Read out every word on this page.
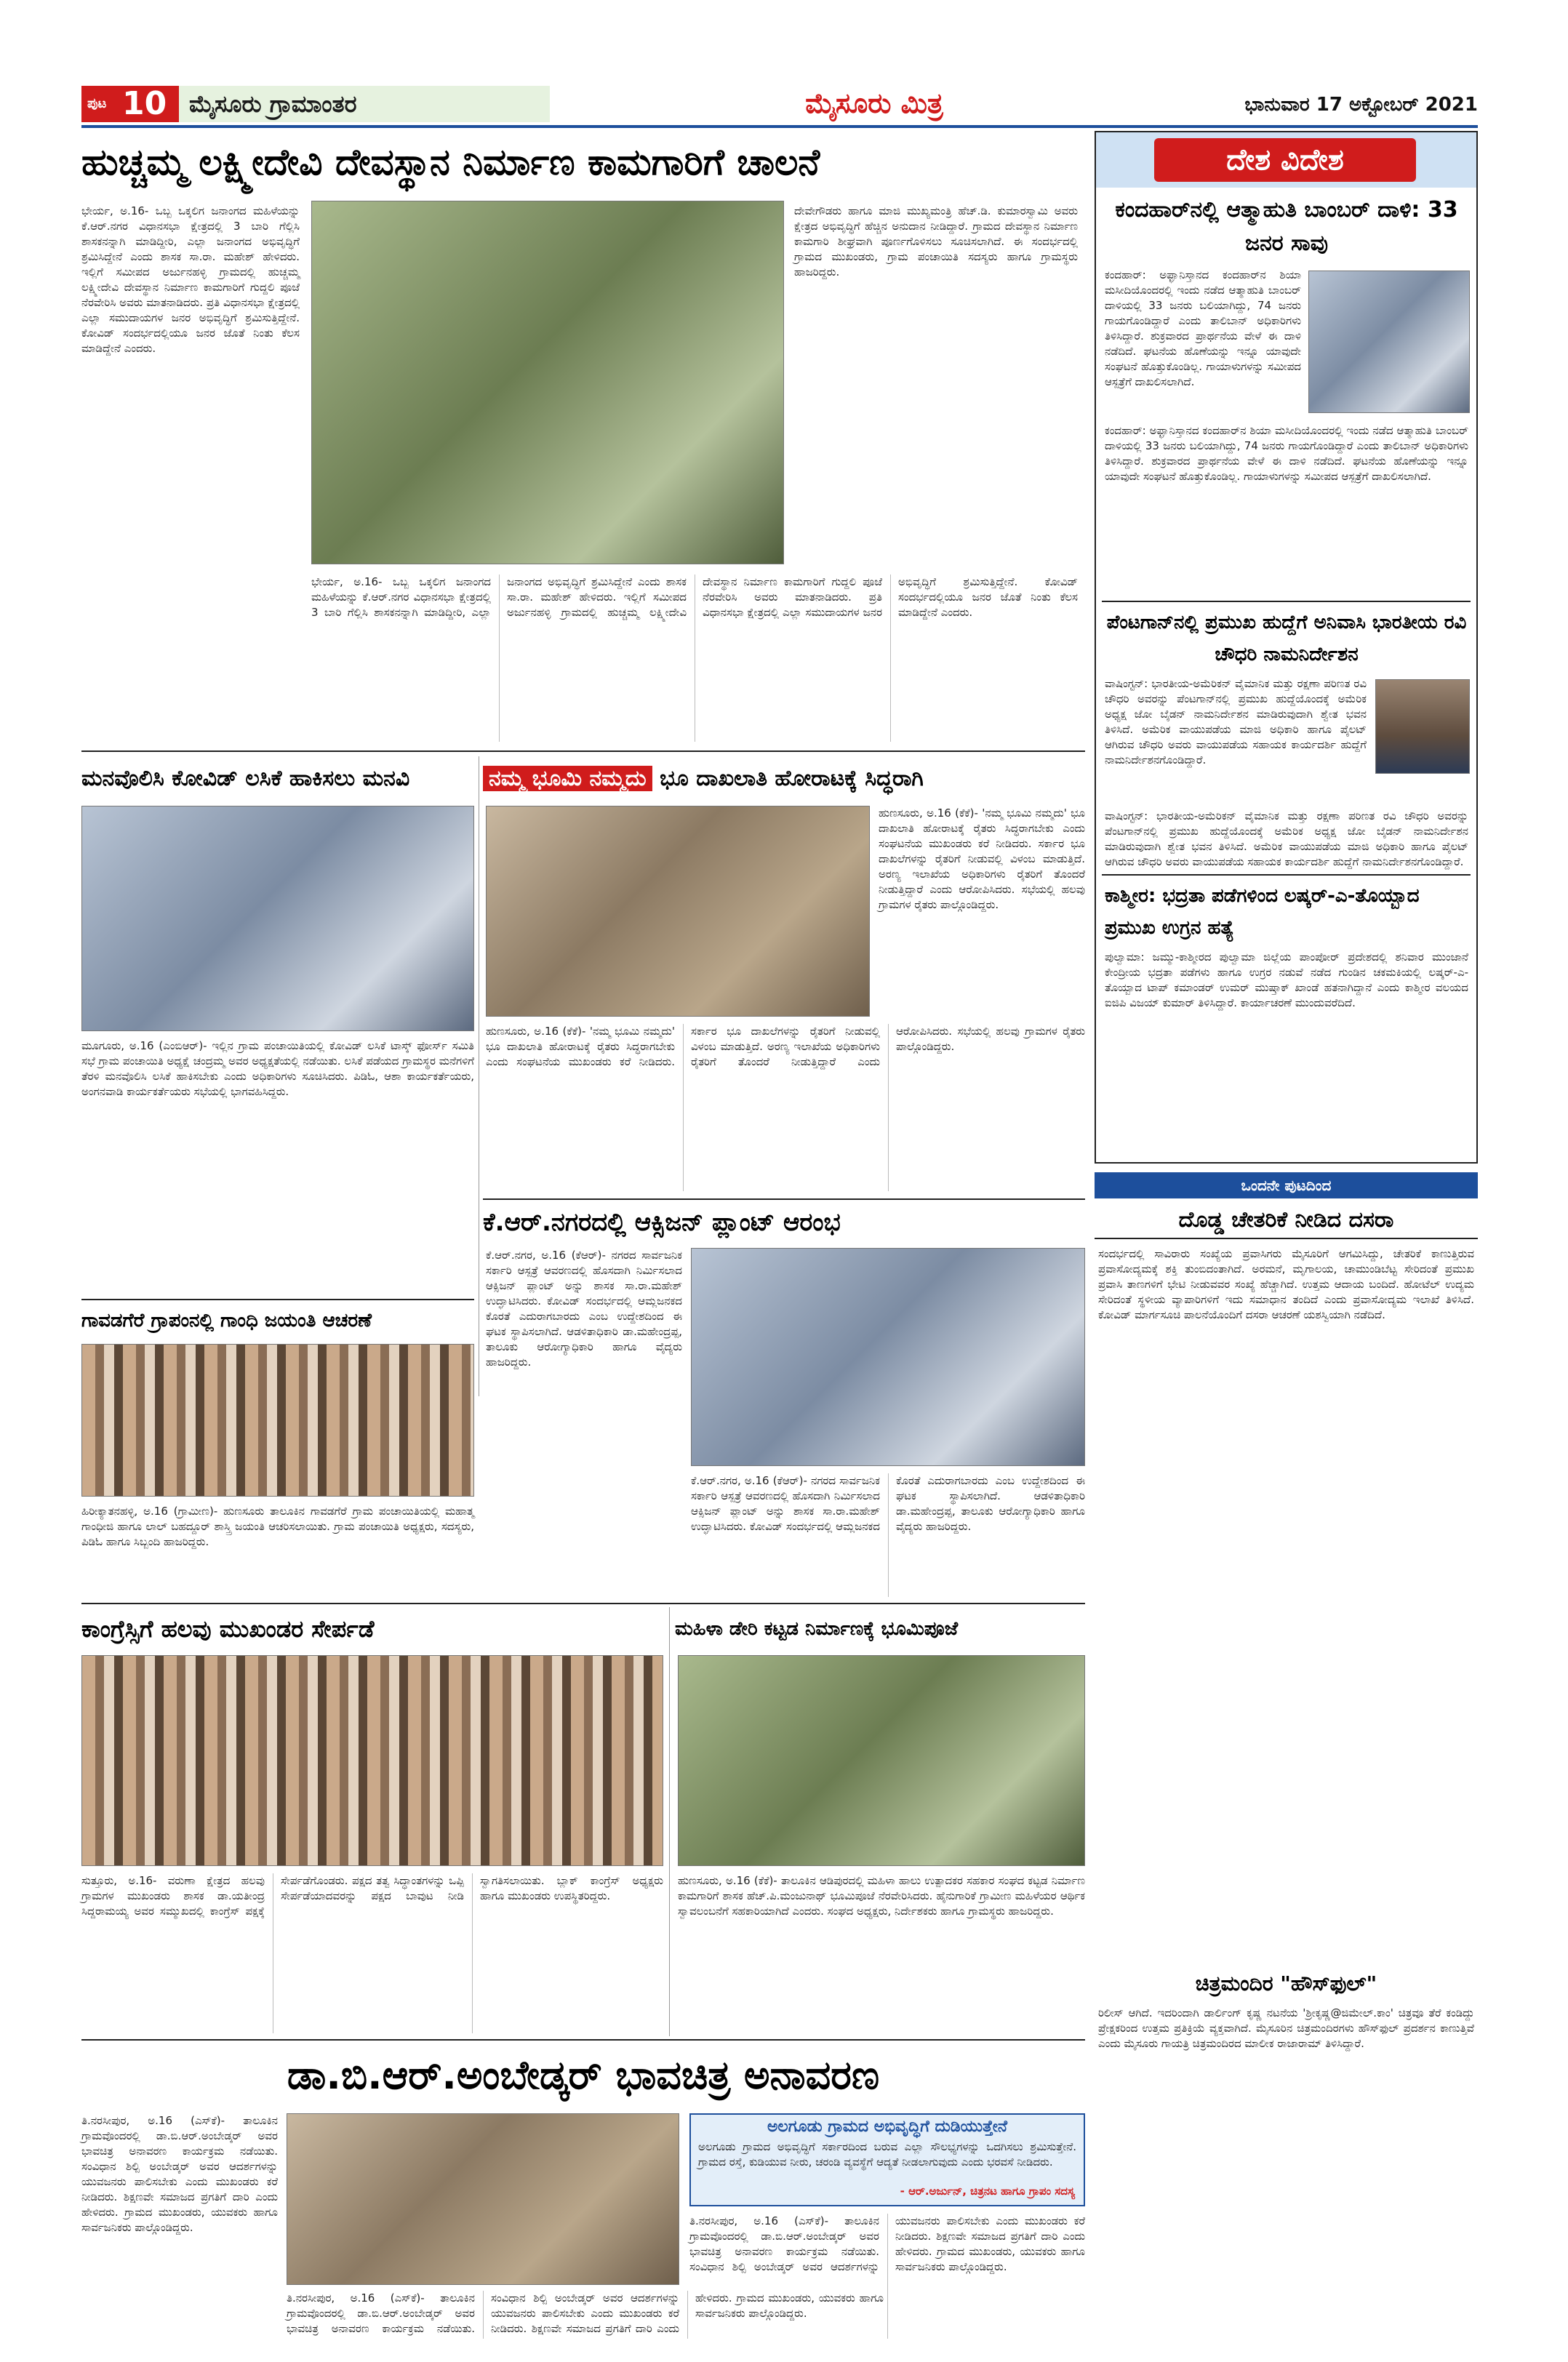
ಪುಟ 10 ಮೈಸೂರು ಗ್ರಾಮಾಂತರ	ಮೈಸೂರು ಮಿತ್ರ	ಭಾನುವಾರ 17 ಅಕ್ಟೋಬರ್ 2021
ಹುಚ್ಚಮ್ಮ ಲಕ್ಷ್ಮೀದೇವಿ ದೇವಸ್ಥಾನ ನಿರ್ಮಾಣ ಕಾಮಗಾರಿಗೆ ಚಾಲನೆ
ಭೇರ್ಯ, ಅ.16- ಒಬ್ಬ ಒಕ್ಕಲಿಗ ಜನಾಂಗದ ಮಹಿಳೆಯನ್ನು ಕೆ.ಆರ್.ನಗರ ವಿಧಾನಸಭಾ ಕ್ಷೇತ್ರದಲ್ಲಿ 3 ಬಾರಿ ಗೆಲ್ಲಿಸಿ ಶಾಸಕನನ್ನಾಗಿ ಮಾಡಿದ್ದೀರಿ, ಎಲ್ಲಾ ಜನಾಂಗದ ಅಭಿವೃದ್ಧಿಗೆ ಶ್ರಮಿಸಿದ್ದೇನೆ ಎಂದು ಶಾಸಕ ಸಾ.ರಾ. ಮಹೇಶ್ ಹೇಳಿದರು. ಇಲ್ಲಿಗೆ ಸಮೀಪದ ಅರ್ಜುನಹಳ್ಳಿ ಗ್ರಾಮದಲ್ಲಿ ಹುಚ್ಚಮ್ಮ ಲಕ್ಷ್ಮೀದೇವಿ ದೇವಸ್ಥಾನ ನಿರ್ಮಾಣ ಕಾಮಗಾರಿಗೆ ಗುದ್ದಲಿ ಪೂಜೆ ನೆರವೇರಿಸಿ ಅವರು ಮಾತನಾಡಿದರು. ಪ್ರತಿ ವಿಧಾನಸಭಾ ಕ್ಷೇತ್ರದಲ್ಲಿ ಎಲ್ಲಾ ಸಮುದಾಯಗಳ ಜನರ ಅಭಿವೃದ್ಧಿಗೆ ಶ್ರಮಿಸುತ್ತಿದ್ದೇನೆ. ಕೋವಿಡ್ ಸಂದರ್ಭದಲ್ಲಿಯೂ ಜನರ ಜೊತೆ ನಿಂತು ಕೆಲಸ ಮಾಡಿದ್ದೇನೆ ಎಂದರು.
ದೇವೇಗೌಡರು ಹಾಗೂ ಮಾಜಿ ಮುಖ್ಯಮಂತ್ರಿ ಹೆಚ್.ಡಿ. ಕುಮಾರಸ್ವಾಮಿ ಅವರು ಕ್ಷೇತ್ರದ ಅಭಿವೃದ್ಧಿಗೆ ಹೆಚ್ಚಿನ ಅನುದಾನ ನೀಡಿದ್ದಾರೆ. ಗ್ರಾಮದ ದೇವಸ್ಥಾನ ನಿರ್ಮಾಣ ಕಾಮಗಾರಿ ಶೀಘ್ರವಾಗಿ ಪೂರ್ಣಗೊಳಿಸಲು ಸೂಚಿಸಲಾಗಿದೆ. ಈ ಸಂದರ್ಭದಲ್ಲಿ ಗ್ರಾಮದ ಮುಖಂಡರು, ಗ್ರಾಮ ಪಂಚಾಯಿತಿ ಸದಸ್ಯರು ಹಾಗೂ ಗ್ರಾಮಸ್ಥರು ಹಾಜರಿದ್ದರು.
ಭೇರ್ಯ, ಅ.16- ಒಬ್ಬ ಒಕ್ಕಲಿಗ ಜನಾಂಗದ ಮಹಿಳೆಯನ್ನು ಕೆ.ಆರ್.ನಗರ ವಿಧಾನಸಭಾ ಕ್ಷೇತ್ರದಲ್ಲಿ 3 ಬಾರಿ ಗೆಲ್ಲಿಸಿ ಶಾಸಕನನ್ನಾಗಿ ಮಾಡಿದ್ದೀರಿ, ಎಲ್ಲಾ ಜನಾಂಗದ ಅಭಿವೃದ್ಧಿಗೆ ಶ್ರಮಿಸಿದ್ದೇನೆ ಎಂದು ಶಾಸಕ ಸಾ.ರಾ. ಮಹೇಶ್ ಹೇಳಿದರು. ಇಲ್ಲಿಗೆ ಸಮೀಪದ ಅರ್ಜುನಹಳ್ಳಿ ಗ್ರಾಮದಲ್ಲಿ ಹುಚ್ಚಮ್ಮ ಲಕ್ಷ್ಮೀದೇವಿ ದೇವಸ್ಥಾನ ನಿರ್ಮಾಣ ಕಾಮಗಾರಿಗೆ ಗುದ್ದಲಿ ಪೂಜೆ ನೆರವೇರಿಸಿ ಅವರು ಮಾತನಾಡಿದರು. ಪ್ರತಿ ವಿಧಾನಸಭಾ ಕ್ಷೇತ್ರದಲ್ಲಿ ಎಲ್ಲಾ ಸಮುದಾಯಗಳ ಜನರ ಅಭಿವೃದ್ಧಿಗೆ ಶ್ರಮಿಸುತ್ತಿದ್ದೇನೆ. ಕೋವಿಡ್ ಸಂದರ್ಭದಲ್ಲಿಯೂ ಜನರ ಜೊತೆ ನಿಂತು ಕೆಲಸ ಮಾಡಿದ್ದೇನೆ ಎಂದರು.
ದೇಶ ವಿದೇಶ
ಕಂದಹಾರ್‌ನಲ್ಲಿ ಆತ್ಮಾಹುತಿ ಬಾಂಬರ್ ದಾಳಿ: 33 ಜನರ ಸಾವು
ಕಂದಹಾರ್: ಅಫ್ಘಾನಿಸ್ತಾನದ ಕಂದಹಾರ್‌ನ ಶಿಯಾ ಮಸೀದಿಯೊಂದರಲ್ಲಿ ಇಂದು ನಡೆದ ಆತ್ಮಾಹುತಿ ಬಾಂಬರ್ ದಾಳಿಯಲ್ಲಿ 33 ಜನರು ಬಲಿಯಾಗಿದ್ದು, 74 ಜನರು ಗಾಯಗೊಂಡಿದ್ದಾರೆ ಎಂದು ತಾಲಿಬಾನ್ ಅಧಿಕಾರಿಗಳು ತಿಳಿಸಿದ್ದಾರೆ. ಶುಕ್ರವಾರದ ಪ್ರಾರ್ಥನೆಯ ವೇಳೆ ಈ ದಾಳಿ ನಡೆದಿದೆ. ಘಟನೆಯ ಹೊಣೆಯನ್ನು ಇನ್ನೂ ಯಾವುದೇ ಸಂಘಟನೆ ಹೊತ್ತುಕೊಂಡಿಲ್ಲ. ಗಾಯಾಳುಗಳನ್ನು ಸಮೀಪದ ಆಸ್ಪತ್ರೆಗೆ ದಾಖಲಿಸಲಾಗಿದೆ.
ಕಂದಹಾರ್: ಅಫ್ಘಾನಿಸ್ತಾನದ ಕಂದಹಾರ್‌ನ ಶಿಯಾ ಮಸೀದಿಯೊಂದರಲ್ಲಿ ಇಂದು ನಡೆದ ಆತ್ಮಾಹುತಿ ಬಾಂಬರ್ ದಾಳಿಯಲ್ಲಿ 33 ಜನರು ಬಲಿಯಾಗಿದ್ದು, 74 ಜನರು ಗಾಯಗೊಂಡಿದ್ದಾರೆ ಎಂದು ತಾಲಿಬಾನ್ ಅಧಿಕಾರಿಗಳು ತಿಳಿಸಿದ್ದಾರೆ. ಶುಕ್ರವಾರದ ಪ್ರಾರ್ಥನೆಯ ವೇಳೆ ಈ ದಾಳಿ ನಡೆದಿದೆ. ಘಟನೆಯ ಹೊಣೆಯನ್ನು ಇನ್ನೂ ಯಾವುದೇ ಸಂಘಟನೆ ಹೊತ್ತುಕೊಂಡಿಲ್ಲ. ಗಾಯಾಳುಗಳನ್ನು ಸಮೀಪದ ಆಸ್ಪತ್ರೆಗೆ ದಾಖಲಿಸಲಾಗಿದೆ.
ಪೆಂಟಗಾನ್‌ನಲ್ಲಿ ಪ್ರಮುಖ ಹುದ್ದೆಗೆ ಅನಿವಾಸಿ ಭಾರತೀಯ ರವಿ ಚೌಧರಿ ನಾಮನಿರ್ದೇಶನ
ವಾಷಿಂಗ್ಟನ್: ಭಾರತೀಯ-ಅಮೆರಿಕನ್ ವೈಮಾನಿಕ ಮತ್ತು ರಕ್ಷಣಾ ಪರಿಣತ ರವಿ ಚೌಧರಿ ಅವರನ್ನು ಪೆಂಟಗಾನ್‌ನಲ್ಲಿ ಪ್ರಮುಖ ಹುದ್ದೆಯೊಂದಕ್ಕೆ ಅಮೆರಿಕ ಅಧ್ಯಕ್ಷ ಜೋ ಬೈಡನ್ ನಾಮನಿರ್ದೇಶನ ಮಾಡಿರುವುದಾಗಿ ಶ್ವೇತ ಭವನ ತಿಳಿಸಿದೆ. ಅಮೆರಿಕ ವಾಯುಪಡೆಯ ಮಾಜಿ ಅಧಿಕಾರಿ ಹಾಗೂ ಪೈಲಟ್ ಆಗಿರುವ ಚೌಧರಿ ಅವರು ವಾಯುಪಡೆಯ ಸಹಾಯಕ ಕಾರ್ಯದರ್ಶಿ ಹುದ್ದೆಗೆ ನಾಮನಿರ್ದೇಶನಗೊಂಡಿದ್ದಾರೆ.
ವಾಷಿಂಗ್ಟನ್: ಭಾರತೀಯ-ಅಮೆರಿಕನ್ ವೈಮಾನಿಕ ಮತ್ತು ರಕ್ಷಣಾ ಪರಿಣತ ರವಿ ಚೌಧರಿ ಅವರನ್ನು ಪೆಂಟಗಾನ್‌ನಲ್ಲಿ ಪ್ರಮುಖ ಹುದ್ದೆಯೊಂದಕ್ಕೆ ಅಮೆರಿಕ ಅಧ್ಯಕ್ಷ ಜೋ ಬೈಡನ್ ನಾಮನಿರ್ದೇಶನ ಮಾಡಿರುವುದಾಗಿ ಶ್ವೇತ ಭವನ ತಿಳಿಸಿದೆ. ಅಮೆರಿಕ ವಾಯುಪಡೆಯ ಮಾಜಿ ಅಧಿಕಾರಿ ಹಾಗೂ ಪೈಲಟ್ ಆಗಿರುವ ಚೌಧರಿ ಅವರು ವಾಯುಪಡೆಯ ಸಹಾಯಕ ಕಾರ್ಯದರ್ಶಿ ಹುದ್ದೆಗೆ ನಾಮನಿರ್ದೇಶನಗೊಂಡಿದ್ದಾರೆ.
ಕಾಶ್ಮೀರ: ಭದ್ರತಾ ಪಡೆಗಳಿಂದ ಲಷ್ಕರ್-ಎ-ತೊಯ್ಬಾದ ಪ್ರಮುಖ ಉಗ್ರನ ಹತ್ಯೆ
ಪುಲ್ವಾಮಾ: ಜಮ್ಮು-ಕಾಶ್ಮೀರದ ಪುಲ್ವಾಮಾ ಜಿಲ್ಲೆಯ ಪಾಂಪೋರ್ ಪ್ರದೇಶದಲ್ಲಿ ಶನಿವಾರ ಮುಂಜಾನೆ ಕೇಂದ್ರೀಯ ಭದ್ರತಾ ಪಡೆಗಳು ಹಾಗೂ ಉಗ್ರರ ನಡುವೆ ನಡೆದ ಗುಂಡಿನ ಚಕಮಕಿಯಲ್ಲಿ ಲಷ್ಕರ್-ಎ-ತೊಯ್ಬಾದ ಟಾಪ್ ಕಮಾಂಡರ್ ಉಮರ್ ಮುಷ್ತಾಕ್ ಖಾಂಡೆ ಹತನಾಗಿದ್ದಾನೆ ಎಂದು ಕಾಶ್ಮೀರ ವಲಯದ ಐಜಿಪಿ ವಿಜಯ್ ಕುಮಾರ್ ತಿಳಿಸಿದ್ದಾರೆ. ಕಾರ್ಯಾಚರಣೆ ಮುಂದುವರೆದಿದೆ.
ಒಂದನೇ ಪುಟದಿಂದ
ದೊಡ್ಡ ಚೇತರಿಕೆ ನೀಡಿದ ದಸರಾ
ಸಂದರ್ಭದಲ್ಲಿ ಸಾವಿರಾರು ಸಂಖ್ಯೆಯ ಪ್ರವಾಸಿಗರು ಮೈಸೂರಿಗೆ ಆಗಮಿಸಿದ್ದು, ಚೇತರಿಕೆ ಕಾಣುತ್ತಿರುವ ಪ್ರವಾಸೋದ್ಯಮಕ್ಕೆ ಶಕ್ತಿ ತುಂಬಿದಂತಾಗಿದೆ. ಅರಮನೆ, ಮೃಗಾಲಯ, ಚಾಮುಂಡಿಬೆಟ್ಟ ಸೇರಿದಂತೆ ಪ್ರಮುಖ ಪ್ರವಾಸಿ ತಾಣಗಳಿಗೆ ಭೇಟಿ ನೀಡುವವರ ಸಂಖ್ಯೆ ಹೆಚ್ಚಾಗಿದೆ. ಉತ್ತಮ ಆದಾಯ ಬಂದಿದೆ. ಹೋಟೆಲ್ ಉದ್ಯಮ ಸೇರಿದಂತೆ ಸ್ಥಳೀಯ ವ್ಯಾಪಾರಿಗಳಿಗೆ ಇದು ಸಮಾಧಾನ ತಂದಿದೆ ಎಂದು ಪ್ರವಾಸೋದ್ಯಮ ಇಲಾಖೆ ತಿಳಿಸಿದೆ. ಕೋವಿಡ್ ಮಾರ್ಗಸೂಚಿ ಪಾಲನೆಯೊಂದಿಗೆ ದಸರಾ ಆಚರಣೆ ಯಶಸ್ವಿಯಾಗಿ ನಡೆದಿದೆ.
ಚಿತ್ರಮಂದಿರ "ಹೌಸ್‌ಫುಲ್"
ರಿಲೀಸ್ ಆಗಿದೆ. ಇದರಿಂದಾಗಿ ಡಾರ್ಲಿಂಗ್ ಕೃಷ್ಣ ನಟನೆಯ 'ಶ್ರೀಕೃಷ್ಣ@ಜಿಮೇಲ್.ಕಾಂ' ಚಿತ್ರವೂ ತೆರೆ ಕಂಡಿದ್ದು ಪ್ರೇಕ್ಷಕರಿಂದ ಉತ್ತಮ ಪ್ರತಿಕ್ರಿಯೆ ವ್ಯಕ್ತವಾಗಿದೆ. ಮೈಸೂರಿನ ಚಿತ್ರಮಂದಿರಗಳು ಹೌಸ್‌ಫುಲ್ ಪ್ರದರ್ಶನ ಕಾಣುತ್ತಿವೆ ಎಂದು ಮೈಸೂರು ಗಾಯತ್ರಿ ಚಿತ್ರಮಂದಿರದ ಮಾಲೀಕ ರಾಜಾರಾಮ್ ತಿಳಿಸಿದ್ದಾರೆ.
ಮನವೊಲಿಸಿ ಕೋವಿಡ್ ಲಸಿಕೆ ಹಾಕಿಸಲು ಮನವಿ
ಮೂಗೂರು, ಅ.16 (ಎಂಬಿಆರ್)- ಇಲ್ಲಿನ ಗ್ರಾಮ ಪಂಚಾಯಿತಿಯಲ್ಲಿ ಕೋವಿಡ್ ಲಸಿಕೆ ಟಾಸ್ಕ್ ಫೋರ್ಸ್ ಸಮಿತಿ ಸಭೆ ಗ್ರಾಮ ಪಂಚಾಯಿತಿ ಅಧ್ಯಕ್ಷೆ ಚಂದ್ರಮ್ಮ ಅವರ ಅಧ್ಯಕ್ಷತೆಯಲ್ಲಿ ನಡೆಯಿತು. ಲಸಿಕೆ ಪಡೆಯದ ಗ್ರಾಮಸ್ಥರ ಮನೆಗಳಿಗೆ ತೆರಳಿ ಮನವೊಲಿಸಿ ಲಸಿಕೆ ಹಾಕಿಸಬೇಕು ಎಂದು ಅಧಿಕಾರಿಗಳು ಸೂಚಿಸಿದರು. ಪಿಡಿಓ, ಆಶಾ ಕಾರ್ಯಕರ್ತೆಯರು, ಅಂಗನವಾಡಿ ಕಾರ್ಯಕರ್ತೆಯರು ಸಭೆಯಲ್ಲಿ ಭಾಗವಹಿಸಿದ್ದರು.
ನಮ್ಮ ಭೂಮಿ ನಮ್ಮದು ಭೂ ದಾಖಲಾತಿ ಹೋರಾಟಕ್ಕೆ ಸಿದ್ಧರಾಗಿ
ಹುಣಸೂರು, ಅ.16 (ಕೆಕೆ)- 'ನಮ್ಮ ಭೂಮಿ ನಮ್ಮದು' ಭೂ ದಾಖಲಾತಿ ಹೋರಾಟಕ್ಕೆ ರೈತರು ಸಿದ್ಧರಾಗಬೇಕು ಎಂದು ಸಂಘಟನೆಯ ಮುಖಂಡರು ಕರೆ ನೀಡಿದರು. ಸರ್ಕಾರ ಭೂ ದಾಖಲೆಗಳನ್ನು ರೈತರಿಗೆ ನೀಡುವಲ್ಲಿ ವಿಳಂಬ ಮಾಡುತ್ತಿದೆ. ಅರಣ್ಯ ಇಲಾಖೆಯ ಅಧಿಕಾರಿಗಳು ರೈತರಿಗೆ ತೊಂದರೆ ನೀಡುತ್ತಿದ್ದಾರೆ ಎಂದು ಆರೋಪಿಸಿದರು. ಸಭೆಯಲ್ಲಿ ಹಲವು ಗ್ರಾಮಗಳ ರೈತರು ಪಾಲ್ಗೊಂಡಿದ್ದರು.
ಹುಣಸೂರು, ಅ.16 (ಕೆಕೆ)- 'ನಮ್ಮ ಭೂಮಿ ನಮ್ಮದು' ಭೂ ದಾಖಲಾತಿ ಹೋರಾಟಕ್ಕೆ ರೈತರು ಸಿದ್ಧರಾಗಬೇಕು ಎಂದು ಸಂಘಟನೆಯ ಮುಖಂಡರು ಕರೆ ನೀಡಿದರು. ಸರ್ಕಾರ ಭೂ ದಾಖಲೆಗಳನ್ನು ರೈತರಿಗೆ ನೀಡುವಲ್ಲಿ ವಿಳಂಬ ಮಾಡುತ್ತಿದೆ. ಅರಣ್ಯ ಇಲಾಖೆಯ ಅಧಿಕಾರಿಗಳು ರೈತರಿಗೆ ತೊಂದರೆ ನೀಡುತ್ತಿದ್ದಾರೆ ಎಂದು ಆರೋಪಿಸಿದರು. ಸಭೆಯಲ್ಲಿ ಹಲವು ಗ್ರಾಮಗಳ ರೈತರು ಪಾಲ್ಗೊಂಡಿದ್ದರು.
ಗಾವಡಗೆರೆ ಗ್ರಾಪಂನಲ್ಲಿ ಗಾಂಧಿ ಜಯಂತಿ ಆಚರಣೆ
ಹಿರೀಕ್ಯಾತನಹಳ್ಳಿ, ಅ.16 (ಗ್ರಾಮೀಣ)- ಹುಣಸೂರು ತಾಲೂಕಿನ ಗಾವಡಗೆರೆ ಗ್ರಾಮ ಪಂಚಾಯಿತಿಯಲ್ಲಿ ಮಹಾತ್ಮ ಗಾಂಧೀಜಿ ಹಾಗೂ ಲಾಲ್ ಬಹದ್ದೂರ್ ಶಾಸ್ತ್ರಿ ಜಯಂತಿ ಆಚರಿಸಲಾಯಿತು. ಗ್ರಾಮ ಪಂಚಾಯಿತಿ ಅಧ್ಯಕ್ಷರು, ಸದಸ್ಯರು, ಪಿಡಿಓ ಹಾಗೂ ಸಿಬ್ಬಂದಿ ಹಾಜರಿದ್ದರು.
ಕೆ.ಆರ್.ನಗರದಲ್ಲಿ ಆಕ್ಸಿಜನ್ ಪ್ಲಾಂಟ್ ಆರಂಭ
ಕೆ.ಆರ್.ನಗರ, ಅ.16 (ಕೆಆರ್)- ನಗರದ ಸಾರ್ವಜನಿಕ ಸರ್ಕಾರಿ ಆಸ್ಪತ್ರೆ ಆವರಣದಲ್ಲಿ ಹೊಸದಾಗಿ ನಿರ್ಮಿಸಲಾದ ಆಕ್ಸಿಜನ್ ಪ್ಲಾಂಟ್ ಅನ್ನು ಶಾಸಕ ಸಾ.ರಾ.ಮಹೇಶ್ ಉದ್ಘಾಟಿಸಿದರು. ಕೋವಿಡ್ ಸಂದರ್ಭದಲ್ಲಿ ಆಮ್ಲಜನಕದ ಕೊರತೆ ಎದುರಾಗಬಾರದು ಎಂಬ ಉದ್ದೇಶದಿಂದ ಈ ಘಟಕ ಸ್ಥಾಪಿಸಲಾಗಿದೆ. ಆಡಳಿತಾಧಿಕಾರಿ ಡಾ.ಮಹೇಂದ್ರಪ್ಪ, ತಾಲೂಕು ಆರೋಗ್ಯಾಧಿಕಾರಿ ಹಾಗೂ ವೈದ್ಯರು ಹಾಜರಿದ್ದರು.
ಕೆ.ಆರ್.ನಗರ, ಅ.16 (ಕೆಆರ್)- ನಗರದ ಸಾರ್ವಜನಿಕ ಸರ್ಕಾರಿ ಆಸ್ಪತ್ರೆ ಆವರಣದಲ್ಲಿ ಹೊಸದಾಗಿ ನಿರ್ಮಿಸಲಾದ ಆಕ್ಸಿಜನ್ ಪ್ಲಾಂಟ್ ಅನ್ನು ಶಾಸಕ ಸಾ.ರಾ.ಮಹೇಶ್ ಉದ್ಘಾಟಿಸಿದರು. ಕೋವಿಡ್ ಸಂದರ್ಭದಲ್ಲಿ ಆಮ್ಲಜನಕದ ಕೊರತೆ ಎದುರಾಗಬಾರದು ಎಂಬ ಉದ್ದೇಶದಿಂದ ಈ ಘಟಕ ಸ್ಥಾಪಿಸಲಾಗಿದೆ. ಆಡಳಿತಾಧಿಕಾರಿ ಡಾ.ಮಹೇಂದ್ರಪ್ಪ, ತಾಲೂಕು ಆರೋಗ್ಯಾಧಿಕಾರಿ ಹಾಗೂ ವೈದ್ಯರು ಹಾಜರಿದ್ದರು.
ಕಾಂಗ್ರೆಸ್ಸಿಗೆ ಹಲವು ಮುಖಂಡರ ಸೇರ್ಪಡೆ
ಸುತ್ತೂರು, ಅ.16- ವರುಣಾ ಕ್ಷೇತ್ರದ ಹಲವು ಗ್ರಾಮಗಳ ಮುಖಂಡರು ಶಾಸಕ ಡಾ.ಯತೀಂದ್ರ ಸಿದ್ದರಾಮಯ್ಯ ಅವರ ಸಮ್ಮುಖದಲ್ಲಿ ಕಾಂಗ್ರೆಸ್ ಪಕ್ಷಕ್ಕೆ ಸೇರ್ಪಡೆಗೊಂಡರು. ಪಕ್ಷದ ತತ್ವ ಸಿದ್ಧಾಂತಗಳನ್ನು ಒಪ್ಪಿ ಸೇರ್ಪಡೆಯಾದವರನ್ನು ಪಕ್ಷದ ಬಾವುಟ ನೀಡಿ ಸ್ವಾಗತಿಸಲಾಯಿತು. ಬ್ಲಾಕ್ ಕಾಂಗ್ರೆಸ್ ಅಧ್ಯಕ್ಷರು ಹಾಗೂ ಮುಖಂಡರು ಉಪಸ್ಥಿತರಿದ್ದರು.
ಮಹಿಳಾ ಡೇರಿ ಕಟ್ಟಡ ನಿರ್ಮಾಣಕ್ಕೆ ಭೂಮಿಪೂಜೆ
ಹುಣಸೂರು, ಅ.16 (ಕೆಕೆ)- ತಾಲೂಕಿನ ಆಡಿಪುರದಲ್ಲಿ ಮಹಿಳಾ ಹಾಲು ಉತ್ಪಾದಕರ ಸಹಕಾರ ಸಂಘದ ಕಟ್ಟಡ ನಿರ್ಮಾಣ ಕಾಮಗಾರಿಗೆ ಶಾಸಕ ಹೆಚ್.ಪಿ.ಮಂಜುನಾಥ್ ಭೂಮಿಪೂಜೆ ನೆರವೇರಿಸಿದರು. ಹೈನುಗಾರಿಕೆ ಗ್ರಾಮೀಣ ಮಹಿಳೆಯರ ಆರ್ಥಿಕ ಸ್ವಾವಲಂಬನೆಗೆ ಸಹಕಾರಿಯಾಗಿದೆ ಎಂದರು. ಸಂಘದ ಅಧ್ಯಕ್ಷರು, ನಿರ್ದೇಶಕರು ಹಾಗೂ ಗ್ರಾಮಸ್ಥರು ಹಾಜರಿದ್ದರು.
ಡಾ.ಬಿ.ಆರ್.ಅಂಬೇಡ್ಕರ್ ಭಾವಚಿತ್ರ ಅನಾವರಣ
ತಿ.ನರಸೀಪುರ, ಅ.16 (ಎಸ್‌ಕೆ)- ತಾಲೂಕಿನ ಗ್ರಾಮವೊಂದರಲ್ಲಿ ಡಾ.ಬಿ.ಆರ್.ಅಂಬೇಡ್ಕರ್ ಅವರ ಭಾವಚಿತ್ರ ಅನಾವರಣ ಕಾರ್ಯಕ್ರಮ ನಡೆಯಿತು. ಸಂವಿಧಾನ ಶಿಲ್ಪಿ ಅಂಬೇಡ್ಕರ್ ಅವರ ಆದರ್ಶಗಳನ್ನು ಯುವಜನರು ಪಾಲಿಸಬೇಕು ಎಂದು ಮುಖಂಡರು ಕರೆ ನೀಡಿದರು. ಶಿಕ್ಷಣವೇ ಸಮಾಜದ ಪ್ರಗತಿಗೆ ದಾರಿ ಎಂದು ಹೇಳಿದರು. ಗ್ರಾಮದ ಮುಖಂಡರು, ಯುವಕರು ಹಾಗೂ ಸಾರ್ವಜನಿಕರು ಪಾಲ್ಗೊಂಡಿದ್ದರು.
ತಿ.ನರಸೀಪುರ, ಅ.16 (ಎಸ್‌ಕೆ)- ತಾಲೂಕಿನ ಗ್ರಾಮವೊಂದರಲ್ಲಿ ಡಾ.ಬಿ.ಆರ್.ಅಂಬೇಡ್ಕರ್ ಅವರ ಭಾವಚಿತ್ರ ಅನಾವರಣ ಕಾರ್ಯಕ್ರಮ ನಡೆಯಿತು. ಸಂವಿಧಾನ ಶಿಲ್ಪಿ ಅಂಬೇಡ್ಕರ್ ಅವರ ಆದರ್ಶಗಳನ್ನು ಯುವಜನರು ಪಾಲಿಸಬೇಕು ಎಂದು ಮುಖಂಡರು ಕರೆ ನೀಡಿದರು. ಶಿಕ್ಷಣವೇ ಸಮಾಜದ ಪ್ರಗತಿಗೆ ದಾರಿ ಎಂದು ಹೇಳಿದರು. ಗ್ರಾಮದ ಮುಖಂಡರು, ಯುವಕರು ಹಾಗೂ ಸಾರ್ವಜನಿಕರು ಪಾಲ್ಗೊಂಡಿದ್ದರು.
ಅಲಗೂಡು ಗ್ರಾಮದ ಅಭಿವೃದ್ಧಿಗೆ ದುಡಿಯುತ್ತೇನೆ
ಅಲಗೂಡು ಗ್ರಾಮದ ಅಭಿವೃದ್ಧಿಗೆ ಸರ್ಕಾರದಿಂದ ಬರುವ ಎಲ್ಲಾ ಸೌಲಭ್ಯಗಳನ್ನು ಒದಗಿಸಲು ಶ್ರಮಿಸುತ್ತೇನೆ. ಗ್ರಾಮದ ರಸ್ತೆ, ಕುಡಿಯುವ ನೀರು, ಚರಂಡಿ ವ್ಯವಸ್ಥೆಗೆ ಆದ್ಯತೆ ನೀಡಲಾಗುವುದು ಎಂದು ಭರವಸೆ ನೀಡಿದರು.
- ಆರ್.ಅರ್ಜುನ್, ಚಿತ್ರನಟ ಹಾಗೂ ಗ್ರಾಪಂ ಸದಸ್ಯ
ತಿ.ನರಸೀಪುರ, ಅ.16 (ಎಸ್‌ಕೆ)- ತಾಲೂಕಿನ ಗ್ರಾಮವೊಂದರಲ್ಲಿ ಡಾ.ಬಿ.ಆರ್.ಅಂಬೇಡ್ಕರ್ ಅವರ ಭಾವಚಿತ್ರ ಅನಾವರಣ ಕಾರ್ಯಕ್ರಮ ನಡೆಯಿತು. ಸಂವಿಧಾನ ಶಿಲ್ಪಿ ಅಂಬೇಡ್ಕರ್ ಅವರ ಆದರ್ಶಗಳನ್ನು ಯುವಜನರು ಪಾಲಿಸಬೇಕು ಎಂದು ಮುಖಂಡರು ಕರೆ ನೀಡಿದರು. ಶಿಕ್ಷಣವೇ ಸಮಾಜದ ಪ್ರಗತಿಗೆ ದಾರಿ ಎಂದು ಹೇಳಿದರು. ಗ್ರಾಮದ ಮುಖಂಡರು, ಯುವಕರು ಹಾಗೂ ಸಾರ್ವಜನಿಕರು ಪಾಲ್ಗೊಂಡಿದ್ದರು.
